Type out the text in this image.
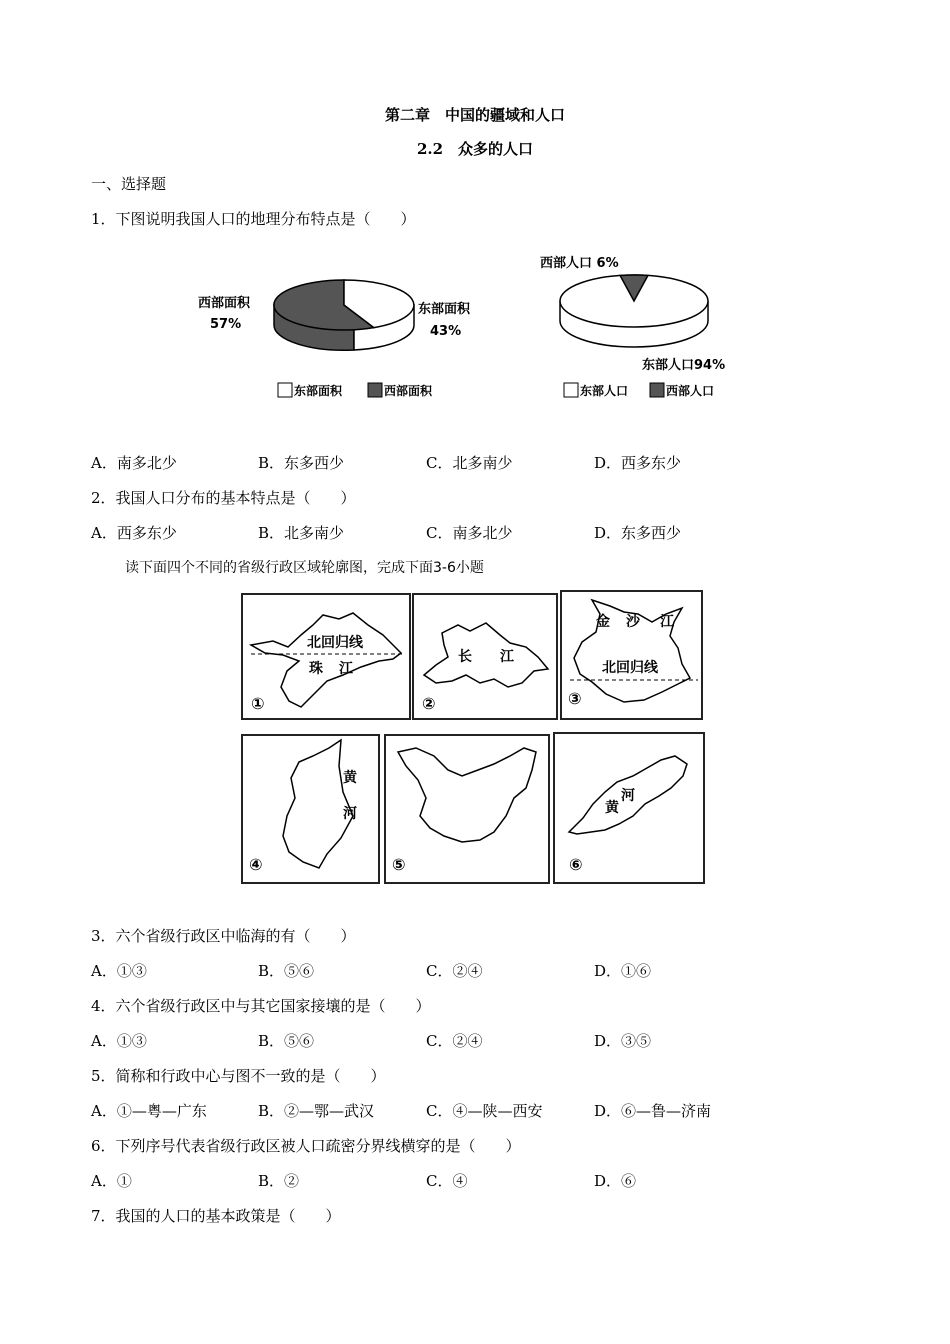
第二章　中国的疆域和人口
2.2　众多的人口
一、选择题
1．下图说明我国人口的地理分布特点是（　　）
西部面积
57%
东部面积
43%
东部面积	西部面积
西部人口 6%
东部人口94%
东部人口	西部人口
A．南多北少	B．东多西少	C．北多南少	D．西多东少
2．我国人口分布的基本特点是（　　）
A．西多东少	B．北多南少	C．南多北少	D．东多西少
读下面四个不同的省级行政区域轮廓图，完成下面3-6小题
北回归线
珠 江
①
长 江
②
金 沙 江
北回归线
③
黄
河
④	⑤
河
黄
⑥
3．六个省级行政区中临海的有（　　）
A．①③	B．⑤⑥	C．②④	D．①⑥
4．六个省级行政区中与其它国家接壤的是（　　）
A．①③	B．⑤⑥	C．②④	D．③⑤
5．简称和行政中心与图不一致的是（　　）
A．①—粤—广东	B．②—鄂—武汉	C．④—陕—西安	D．⑥—鲁—济南
6．下列序号代表省级行政区被人口疏密分界线横穿的是（　　）
A．①	B．②	C．④	D．⑥
7．我国的人口的基本政策是（　　）
